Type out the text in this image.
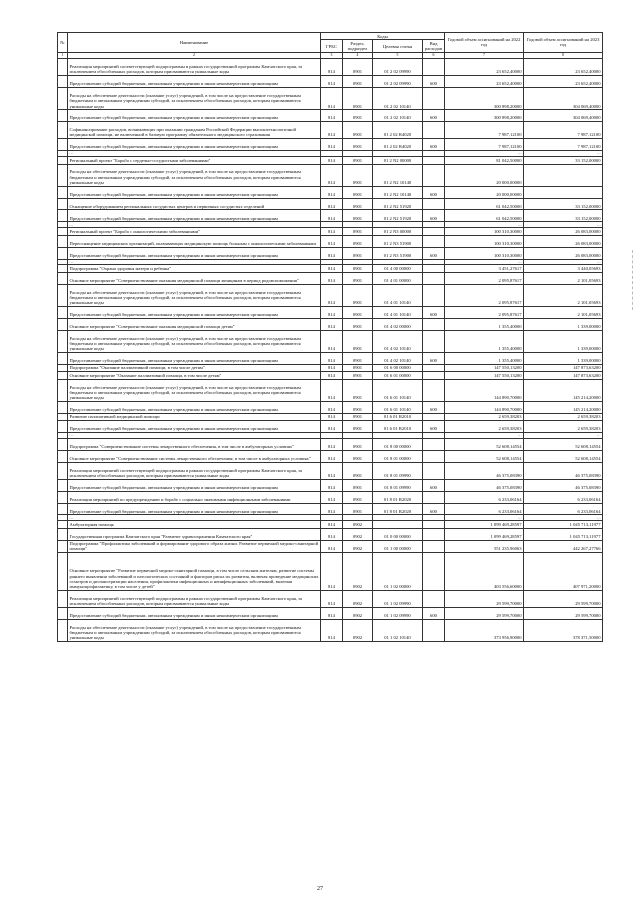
№	Наименование	Коды				Годовой объем ассигнований на 2022 год	Годовой объем ассигнований на 2023 год
		ГРБС	Раздел, подраздел	Целевая статья	Вид расходов		
1	2	3	4	5	6	7	8
	Реализация мероприятий соответствующей подпрограммы в рамках государственной программы Камчатского края, за исключением обособленных расходов, которым присваиваются уникальные коды	814	0901	01 2 02 09990		23 652,40000	23 652,40000
	Предоставление субсидий бюджетным, автономным учреждениям и иным некоммерческим организациям	814	0901	01 2 02 09990	600	23 652,40000	23 652,40000
	Расходы на обеспечение деятельности (оказание услуг) учреждений, в том числе на предоставление государственным бюджетным и автономным учреждениям субсидий, за исключением обособленных расходов, которым присваиваются уникальные коды	814	0901	01 2 02 10140		300 898,20000	304 069,40000
	Предоставление субсидий бюджетным, автономным учреждениям и иным некоммерческим организациям	814	0901	01 2 02 10140	600	300 898,20000	304 069,40000
	Софинансирование расходов, возникающих при оказании гражданам Российской Федерации высокотехнологичной медицинской помощи, не включенной в базовую программу обязательного медицинского страхования	814	0901	01 2 02 R4020		7 987,12100	7 987,12100
	Предоставление субсидий бюджетным, автономным учреждениям и иным некоммерческим организациям	814	0901	01 2 02 R4020	600	7 987,12100	7 987,12100
	…					…	…
	Региональный проект "Борьба с сердечно-сосудистыми заболеваниями"	814	0901	01 2 N2 00000		81 042,50000	33 152,00000
	Расходы на обеспечение деятельности (оказание услуг) учреждений, в том числе на предоставление государственным бюджетным и автономным учреждениям субсидий, за исключением обособленных расходов, которым присваиваются уникальные коды	814	0901	01 2 N2 10140		20 000,00000	
	Предоставление субсидий бюджетным, автономным учреждениям и иным некоммерческим организациям	814	0901	01 2 N2 10140	600	20 000,00000	
	Оснащение оборудованием региональных сосудистых центров и первичных сосудистых отделений	814	0901	01 2 N2 51920		61 042,50000	33 152,00000
	Предоставление субсидий бюджетным, автономным учреждениям и иным некоммерческим организациям	814	0901	01 2 N2 51920	600	61 042,50000	33 152,00000
	…					…	…
	Региональный проект "Борьба с онкологическими заболеваниями"	814	0901	01 2 N3 00000		100 310,30000	26 083,00000
	Переоснащение медицинских организаций, оказывающих медицинскую помощь больным с онкологическими заболеваниями	814	0901	01 2 N3 51900		100 310,30000	26 083,00000
	Предоставление субсидий бюджетным, автономным учреждениям и иным некоммерческим организациям	814	0901	01 2 N3 51900	600	100 310,30000	26 083,00000
	…					…	…
	Подпрограмма "Охрана здоровья матери и ребенка"	814	0901	01 4 00 00000		3 451,27617	3 440,05693
	Основное мероприятие "Совершенствование оказания медицинской помощи женщинам в период родовспоможения"	814	0901	01 4 01 00000		2 095,87617	2 101,05693
	Расходы на обеспечение деятельности (оказание услуг) учреждений, в том числе на предоставление государственным бюджетным и автономным учреждениям субсидий, за исключением обособленных расходов, которым присваиваются уникальные коды	814	0901	01 4 01 10140		2 095,87617	2 101,05693
	Предоставление субсидий бюджетным, автономным учреждениям и иным некоммерческим организациям	814	0901	01 4 01 10140	600	2 095,87617	2 101,05693
	Основное мероприятие "Совершенствование оказания медицинской помощи детям"	814	0901	01 4 02 00000		1 355,40000	1 339,00000
	Расходы на обеспечение деятельности (оказание услуг) учреждений, в том числе на предоставление государственным бюджетным и автономным учреждениям субсидий, за исключением обособленных расходов, которым присваиваются уникальные коды	814	0901	01 4 02 10140		1 355,40000	1 339,00000
	Предоставление субсидий бюджетным, автономным учреждениям и иным некоммерческим организациям	814	0901	01 4 02 10140	600	1 355,40000	1 339,00000
	Подпрограмма "Оказание паллиативной помощи, в том числе детям"	814	0901	01 6 00 00000		147 550,13200	147 873,63200
	Основное мероприятие "Оказание паллиативной помощи, в том числе детям"	814	0901	01 6 01 00000		147 550,13200	147 873,63200
	Расходы на обеспечение деятельности (оказание услуг) учреждений, в том числе на предоставление государственным бюджетным и автономным учреждениям субсидий, за исключением обособленных расходов, которым присваиваются уникальные коды	814	0901	01 6 01 10140		144 890,70000	145 214,20000
	Предоставление субсидий бюджетным, автономным учреждениям и иным некоммерческим организациям	814	0901	01 6 01 10140	600	144 890,70000	145 214,20000
	Развитие паллиативной медицинской помощи	814	0901	01 6 01 R2010		2 659,38203	2 659,38203
	Предоставление субсидий бюджетным, автономным учреждениям и иным некоммерческим организациям	814	0901	01 6 01 R2010	600	2 659,38203	2 659,38203
	…					…	…
	Подпрограмма "Совершенствование системы лекарственного обеспечения, в том числе в амбулаторных условиях"	814	0901	01 8 00 00000		52 608,14554	52 608,14554
	Основное мероприятие "Совершенствование системы лекарственного обеспечения, в том числе в амбулаторных условиях"	814	0901	01 8 01 00000		52 608,14554	52 608,14554
	Реализация мероприятий соответствующей подпрограммы в рамках государственной программы Камчатского края, за исключением обособленных расходов, которым присваиваются уникальные коды	814	0901	01 8 01 09990		46 375,08390	46 375,08390
	Предоставление субсидий бюджетным, автономным учреждениям и иным некоммерческим организациям	814	0901	01 8 01 09990	600	46 375,08390	46 375,08390
	Реализация мероприятий по предупреждению и борьбе с социально значимыми инфекционными заболеваниями	814	0901	01 8 01 R2020		6 233,06164	6 233,06164
	Предоставление субсидий бюджетным, автономным учреждениям и иным некоммерческим организациям	814	0901	01 8 01 R2020	600	6 233,06164	6 233,06164
	…					…	…
	Амбулаторная помощь	814	0902			1 099 469,28597	1 045 713,11977
	Государственная программа Камчатского края "Развитие здравоохранения Камчатского края"	814	0902	01 0 00 00000		1 099 469,28597	1 045 713,11977
	Подпрограмма "Профилактика заболеваний и формирование здорового образа жизни. Развитие первичной медико-санитарной помощи"	814	0902	01 1 00 00000		551 235,96063	442 267,27766
	Основное мероприятие "Развитие первичной медико-санитарной помощи, в том числе сельским жителям, развитие системы раннего выявления заболеваний и патологических состояний и факторов риска их развития, включая проведение медицинских осмотров и диспансеризации населения, профилактики инфекционных и неинфекционных заболеваний, включая иммунопрофилактику, в том числе у детей"	814	0902	01 1 02 00000		403 556,60000	407 971,20000
	Реализация мероприятий соответствующей подпрограммы в рамках государственной программы Камчатского края, за исключением обособленных расходов, которым присваиваются уникальные коды	814	0902	01 1 02 09990		29 599,70000	29 599,70000
	Предоставление субсидий бюджетным, автономным учреждениям и иным некоммерческим организациям	814	0902	01 1 02 09990	600	29 599,70000	29 599,70000
	Расходы на обеспечение деятельности (оказание услуг) учреждений, в том числе на предоставление государственным бюджетным и автономным учреждениям субсидий, за исключением обособленных расходов, которым присваиваются уникальные коды	814	0902	01 1 02 10140		373 956,90000	378 371,50000
27
